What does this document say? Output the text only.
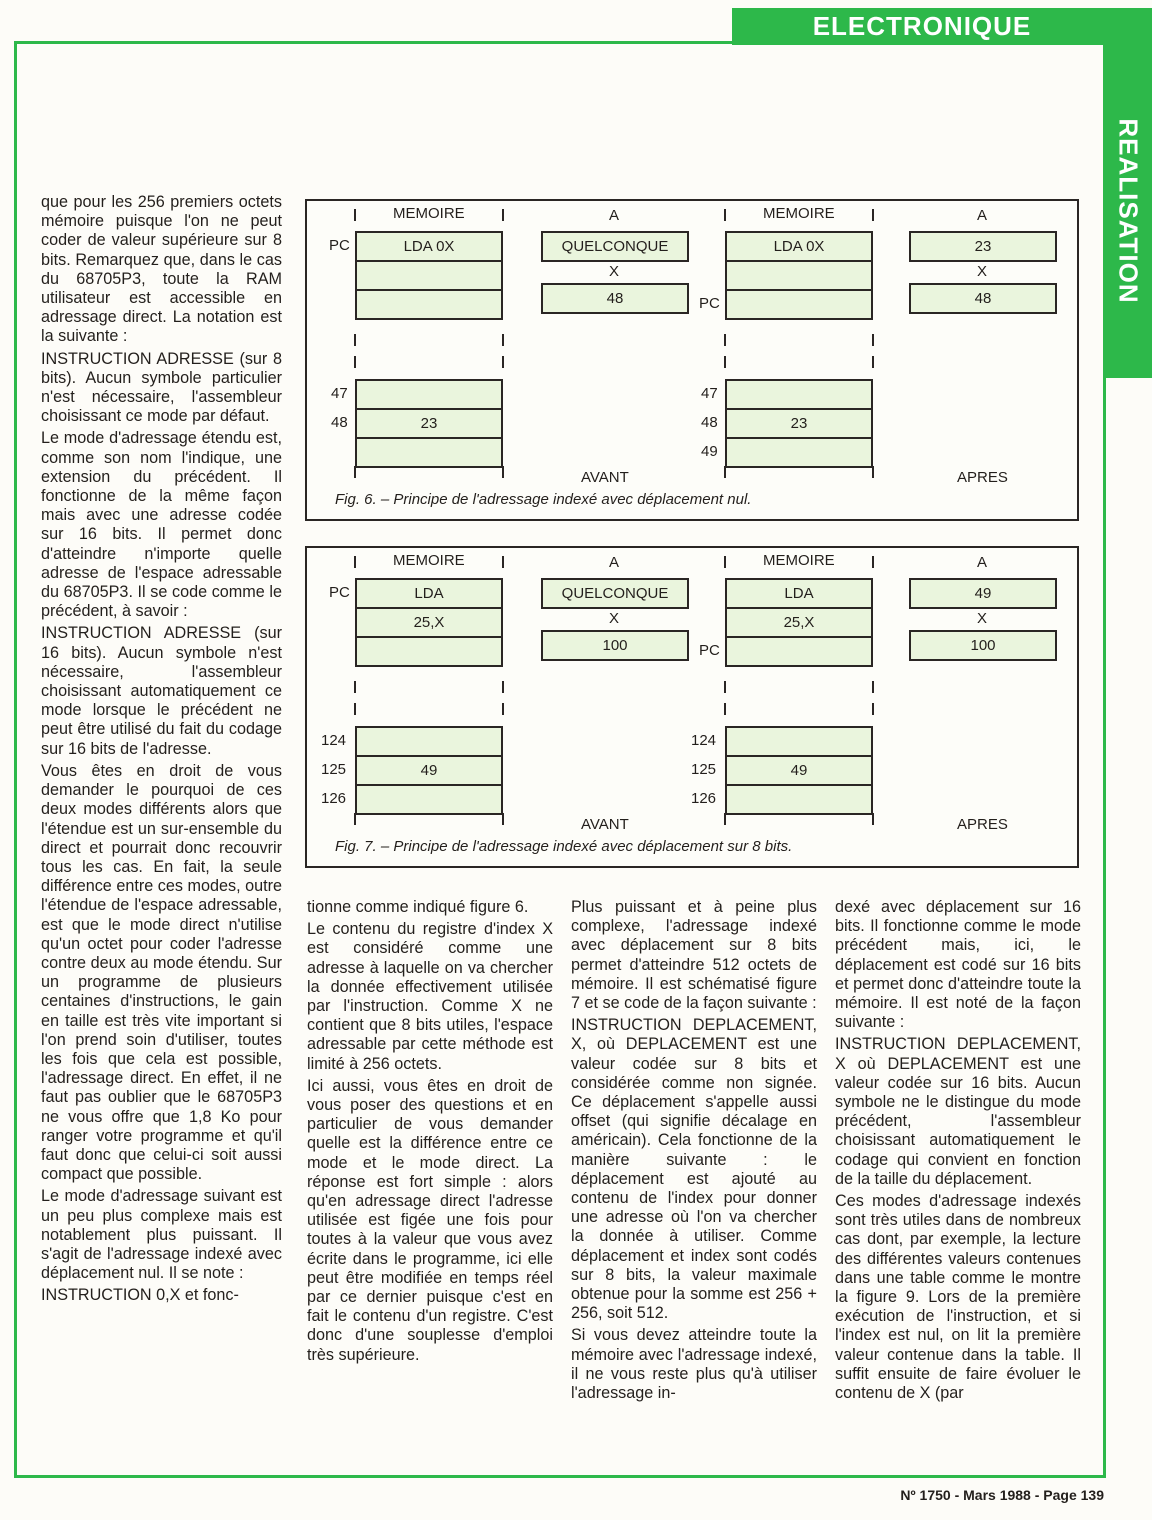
ELECTRONIQUE
REALISATION

que pour les 256 premiers octets mémoire puisque l'on ne peut coder de valeur supérieure sur 8 bits. Remarquez que, dans le cas du 68705P3, toute la RAM utilisateur est accessible en adressage direct. La notation est la suivante :

INSTRUCTION ADRESSE (sur 8 bits). Aucun symbole particulier n'est nécessaire, l'assembleur choisissant ce mode par défaut.

Le mode d'adressage étendu est, comme son nom l'indique, une extension du précédent. Il fonctionne de la même façon mais avec une adresse codée sur 16 bits. Il permet donc d'atteindre n'importe quelle adresse de l'espace adressable du 68705P3. Il se code comme le précédent, à savoir :

INSTRUCTION ADRESSE (sur 16 bits). Aucun symbole n'est nécessaire, l'assembleur choisissant automatiquement ce mode lorsque le précédent ne peut être utilisé du fait du codage sur 16 bits de l'adresse.

Vous êtes en droit de vous demander le pourquoi de ces deux modes différents alors que l'étendue est un sur-ensemble du direct et pourrait donc recouvrir tous les cas. En fait, la seule différence entre ces modes, outre l'étendue de l'espace adressable, est que le mode direct n'utilise qu'un octet pour coder l'adresse contre deux au mode étendu. Sur un programme de plusieurs centaines d'instructions, le gain en taille est très vite important si l'on prend soin d'utiliser, toutes les fois que cela est possible, l'adressage direct. En effet, il ne faut pas oublier que le 68705P3 ne vous offre que 1,8 Ko pour ranger votre programme et qu'il faut donc que celui-ci soit aussi compact que possible.

Le mode d'adressage suivant est un peu plus complexe mais est notablement plus puissant. Il s'agit de l'adressage indexé avec déplacement nul. Il se note :

INSTRUCTION 0,X et fonc-

tionne comme indiqué figure 6.

Le contenu du registre d'index X est considéré comme une adresse à laquelle on va chercher la donnée effectivement utilisée par l'instruction. Comme X ne contient que 8 bits utiles, l'espace adressable par cette méthode est limité à 256 octets.

Ici aussi, vous êtes en droit de vous poser des questions et en particulier de vous demander quelle est la différence entre ce mode et le mode direct. La réponse est fort simple : alors qu'en adressage direct l'adresse utilisée est figée une fois pour toutes à la valeur que vous avez écrite dans le programme, ici elle peut être modifiée en temps réel par ce dernier puisque c'est en fait le contenu d'un registre. C'est donc d'une souplesse d'emploi très supérieure.

Plus puissant et à peine plus complexe, l'adressage indexé avec déplacement sur 8 bits permet d'atteindre 512 octets de mémoire. Il est schématisé figure 7 et se code de la façon suivante :

INSTRUCTION DEPLACEMENT, X, où DEPLACEMENT est une valeur codée sur 8 bits et considérée comme non signée. Ce déplacement s'appelle aussi offset (qui signifie décalage en américain). Cela fonctionne de la manière suivante : le déplacement est ajouté au contenu de l'index pour donner une adresse où l'on va chercher la donnée à utiliser. Comme déplacement et index sont codés sur 8 bits, la valeur maximale obtenue pour la somme est 256 + 256, soit 512.

Si vous devez atteindre toute la mémoire avec l'adressage indexé, il ne vous reste plus qu'à utiliser l'adressage in-

dexé avec déplacement sur 16 bits. Il fonctionne comme le mode précédent mais, ici, le déplacement est codé sur 16 bits et permet donc d'atteindre toute la mémoire. Il est noté de la façon suivante :

INSTRUCTION DEPLACEMENT, X où DEPLACEMENT est une valeur codée sur 16 bits. Aucun symbole ne le distingue du mode précédent, l'assembleur choisissant automatiquement le codage qui convient en fonction de la taille du déplacement.

Ces modes d'adressage indexés sont très utiles dans de nombreux cas dont, par exemple, la lecture des différentes valeurs contenues dans une table comme le montre la figure 9. Lors de la première exécution de l'instruction, et si l'index est nul, on lit la première valeur contenue dans la table. Il suffit ensuite de faire évoluer le contenu de X (par

MEMOIRE
LDA 0X
PC
47
23
48
A
QUELCONQUE
X
48
AVANT
MEMOIRE
LDA 0X
PC
47
23
48
49
A
23
X
48
APRES
Fig. 6. – Principe de l'adressage indexé avec déplacement nul.
MEMOIRE
LDA
25,X
PC
124
49
125
126
A
QUELCONQUE
X
100
AVANT
MEMOIRE
LDA
25,X
PC
124
49
125
126
A
49
X
100
APRES
Fig. 7. – Principe de l'adressage indexé avec déplacement sur 8 bits.
Nº 1750 - Mars 1988 - Page 139
